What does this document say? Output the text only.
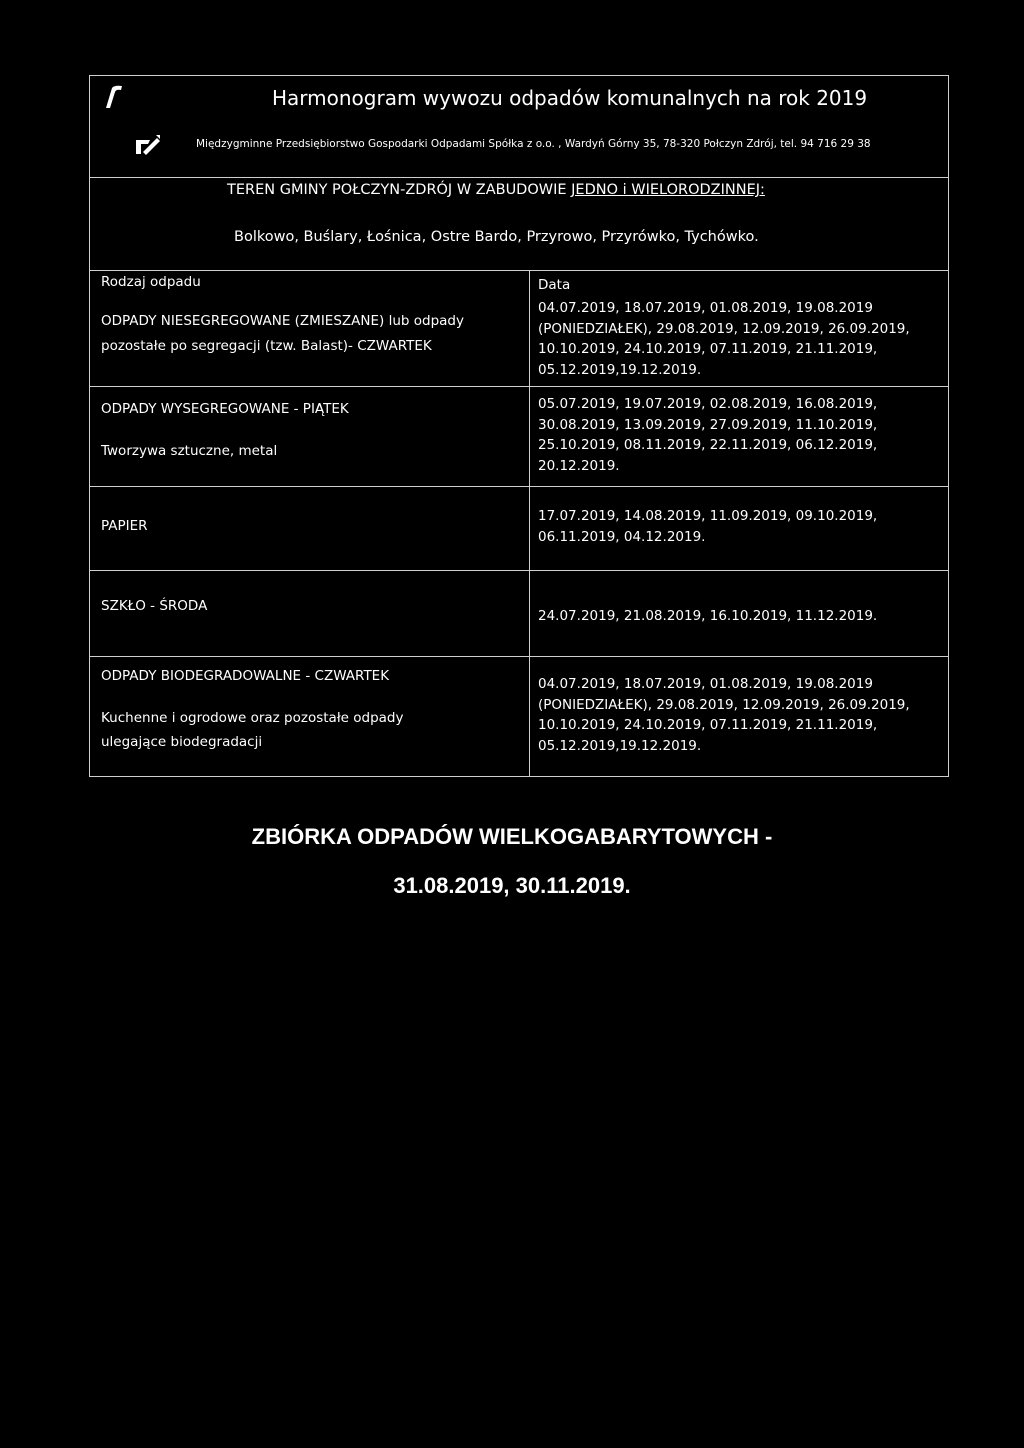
Harmonogram wywozu odpadów komunalnych na rok 2019
Międzygminne Przedsiębiorstwo Gospodarki Odpadami Spółka z o.o. , Wardyń Górny 35, 78-320 Połczyn Zdrój, tel. 94 716 29 38
TEREN GMINY POŁCZYN-ZDRÓJ W ZABUDOWIE JEDNO i WIELORODZINNEJ:
Bolkowo, Buślary, Łośnica, Ostre Bardo, Przyrowo, Przyrówko, Tychówko.
Rodzaj odpadu	Data
ODPADY NIESEGREGOWANE (ZMIESZANE) lub odpady
pozostałe po segregacji (tzw. Balast)- CZWARTEK
04.07.2019, 18.07.2019, 01.08.2019, 19.08.2019 (PONIEDZIAŁEK), 29.08.2019, 12.09.2019, 26.09.2019, 10.10.2019, 24.10.2019, 07.11.2019, 21.11.2019, 05.12.2019,19.12.2019.
ODPADY WYSEGREGOWANE - PIĄTEK
Tworzywa sztuczne, metal
05.07.2019, 19.07.2019, 02.08.2019, 16.08.2019, 30.08.2019, 13.09.2019, 27.09.2019, 11.10.2019, 25.10.2019, 08.11.2019, 22.11.2019, 06.12.2019, 20.12.2019.
PAPIER
17.07.2019, 14.08.2019, 11.09.2019, 09.10.2019, 06.11.2019, 04.12.2019.
SZKŁO - ŚRODA
24.07.2019, 21.08.2019, 16.10.2019, 11.12.2019.
ODPADY BIODEGRADOWALNE - CZWARTEK
Kuchenne i ogrodowe oraz pozostałe odpady
ulegające biodegradacji
04.07.2019, 18.07.2019, 01.08.2019, 19.08.2019 (PONIEDZIAŁEK), 29.08.2019, 12.09.2019, 26.09.2019, 10.10.2019, 24.10.2019, 07.11.2019, 21.11.2019, 05.12.2019,19.12.2019.
ZBIÓRKA ODPADÓW WIELKOGABARYTOWYCH -
31.08.2019, 30.11.2019.
